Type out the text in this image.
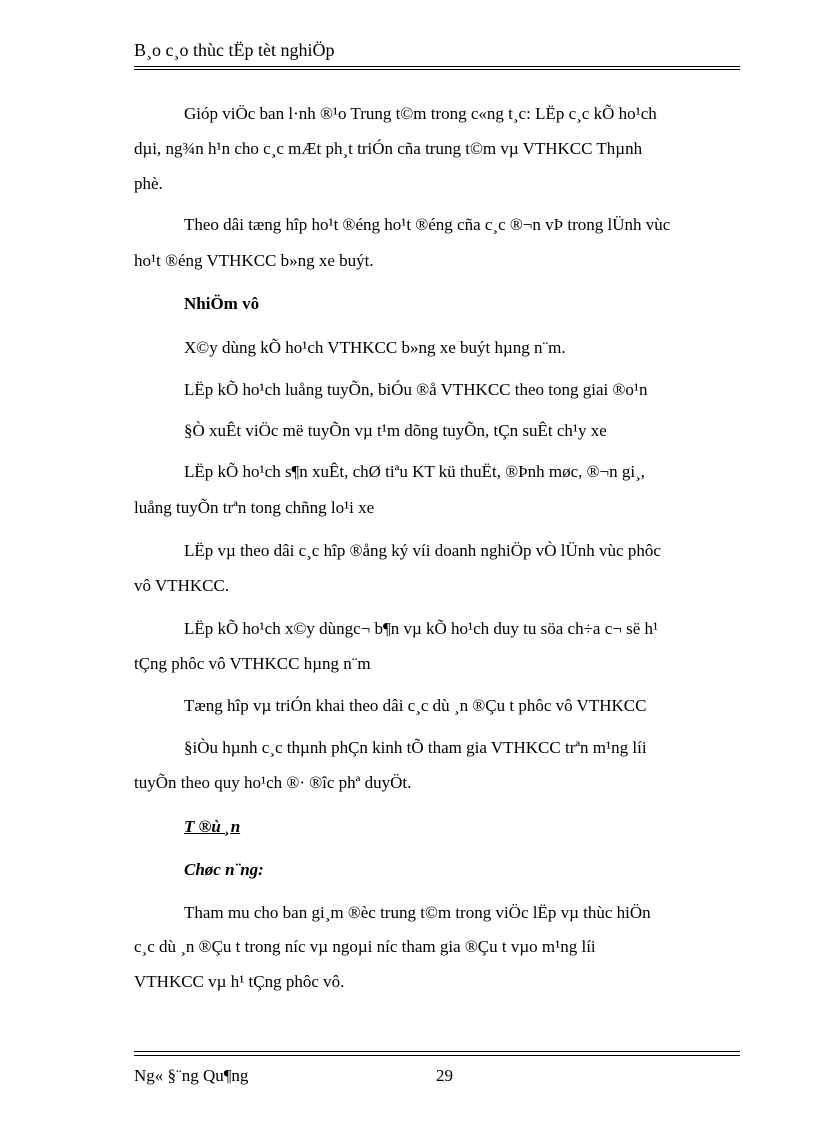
B¸o c¸o thùc tËp tèt nghiÖp
Gióp viÖc ban l·nh ®¹o Trung t©m trong c«ng t¸c: LËp c¸c kÕ ho¹ch
dµi, ng¾n h¹n cho c¸c mÆt ph¸t triÓn cña trung t©m vµ VTHKCC Thµnh
phè.
Theo dâi tæng hîp ho¹t ®éng ho¹t ®éng cña c¸c ®¬n vÞ trong lÜnh vùc
ho¹t ®éng VTHKCC b»ng xe buýt.
NhiÖm vô
X©y dùng kÕ ho¹ch VTHKCC b»ng xe buýt hµng n¨m.
LËp kÕ ho¹ch luång tuyÕn, biÓu ®å VTHKCC theo tong giai ®o¹n
§Ò xuÊt viÖc më tuyÕn vµ t¹m dõng tuyÕn, tÇn suÊt ch¹y xe
LËp kÕ ho¹ch s¶n xuÊt, chØ tiªu KT kü thuËt, ®Þnh møc, ®¬n gi¸,
luång tuyÕn trªn tong chñng lo¹i xe
LËp vµ theo dâi c¸c hîp ®ång ký víi doanh nghiÖp vÒ lÜnh vùc phôc
vô VTHKCC.
LËp kÕ ho¹ch x©y dùngc¬ b¶n vµ kÕ ho¹ch duy tu söa ch÷a c¬ së h¹
tÇng phôc vô VTHKCC hµng n¨m
Tæng hîp vµ triÓn khai theo dâi c¸c dù ¸n ®Çu t phôc vô VTHKCC
§iÒu hµnh c¸c thµnh phÇn kinh tÕ tham gia VTHKCC trªn m¹ng líi
tuyÕn theo quy ho¹ch ®· ®îc phª duyÖt.
T ®ù ¸n
Chøc n¨ng:
Tham mu cho ban gi¸m ®èc trung t©m trong viÖc lËp vµ thùc hiÖn
c¸c dù ¸n ®Çu t trong níc vµ ngoµi níc tham gia ®Çu t vµo m¹ng líi
VTHKCC vµ h¹ tÇng phôc vô.
Ng« §¨ng Qu¶ng	29
